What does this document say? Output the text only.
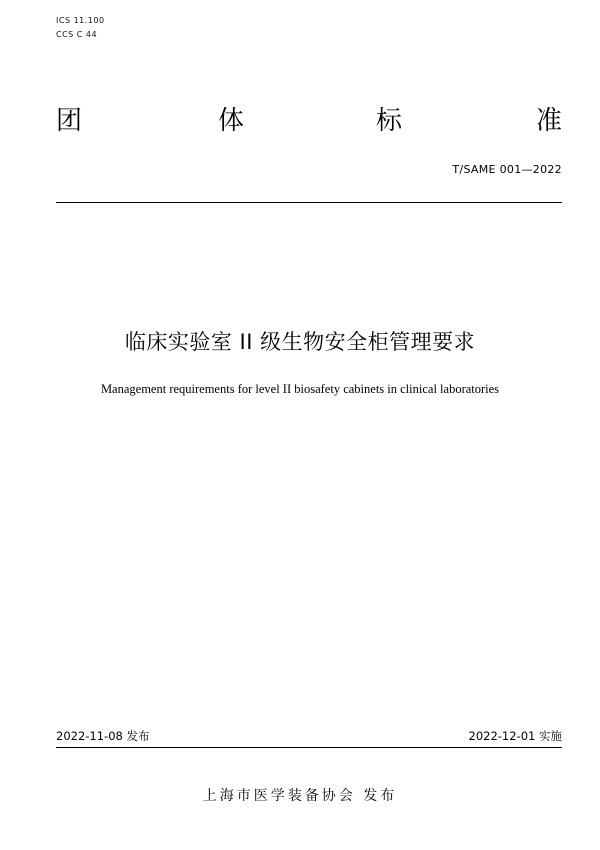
ICS 11.100
CCS C 44
团	体	标	准
T/SAME 001—2022
临床实验室 II 级生物安全柜管理要求
Management requirements for level II biosafety cabinets in clinical laboratories
2022-11-08 发布	2022-12-01 实施
上海市医学装备协会 发布
